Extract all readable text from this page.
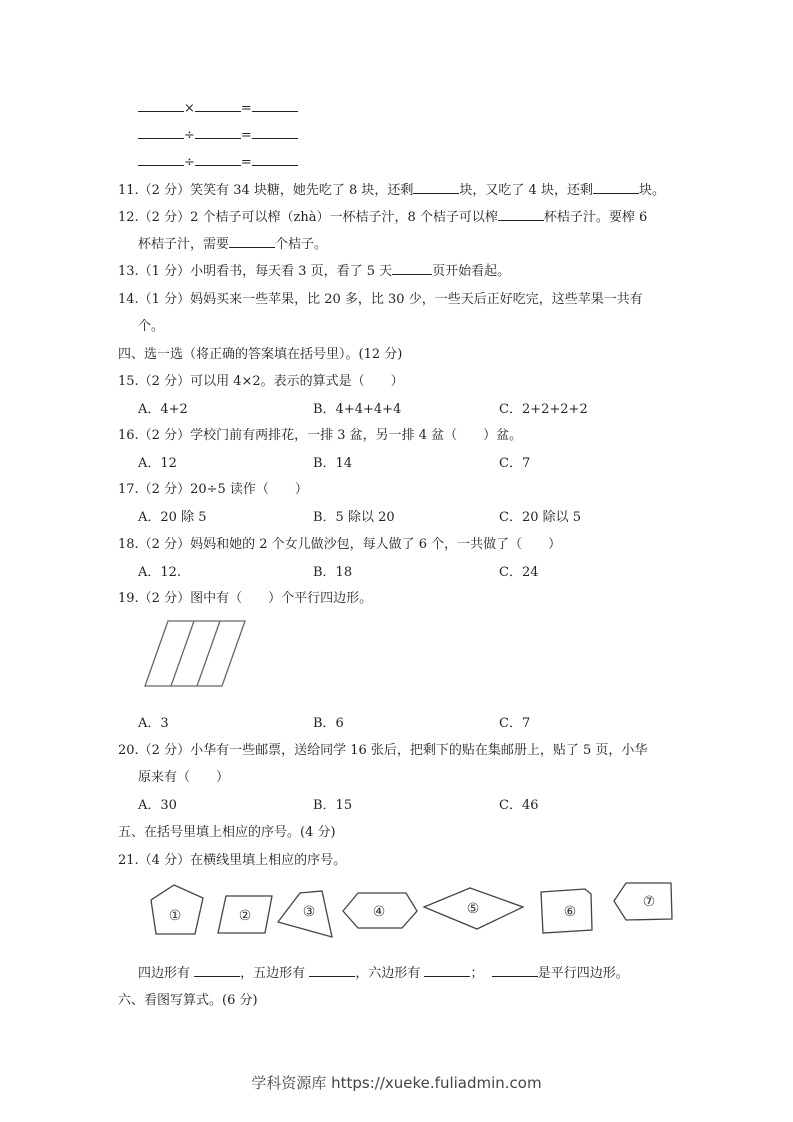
×	=
÷	=
÷	=
11.（2 分）笑笑有 34 块糖，她先吃了 8 块，还剩	块，又吃了 4 块，还剩	块。
12.（2 分）2 个桔子可以榨（zhà）一杯桔子汁，8 个桔子可以榨	杯桔子汁。要榨 6
杯桔子汁，需要	个桔子。
13.（1 分）小明看书，每天看 3 页，看了 5 天	页开始看起。
14.（1 分）妈妈买来一些苹果，比 20 多，比 30 少，一些天后正好吃完，这些苹果一共有
个。
四、选一选（将正确的答案填在括号里）。(12 分)
15.（2 分）可以用 4×2。表示的算式是（　　）
A．4+2	B．4+4+4+4	C．2+2+2+2
16.（2 分）学校门前有两排花，一排 3 盆，另一排 4 盆（　　）盆。
A．12	B．14	C．7
17.（2 分）20÷5 读作（　　）
A．20 除 5	B．5 除以 20	C．20 除以 5
18.（2 分）妈妈和她的 2 个女儿做沙包，每人做了 6 个，一共做了（　　）
A．12.	B．18	C．24
19.（2 分）图中有（　　）个平行四边形。
A．3	B．6	C．7
20.（2 分）小华有一些邮票，送给同学 16 张后，把剩下的贴在集邮册上，贴了 5 页，小华
原来有（　　）
A．30	B．15	C．46
五、在括号里填上相应的序号。(4 分)
21.（4 分）在横线里填上相应的序号。
①	②	③	④	⑤	⑥
⑦
四边形有	，五边形有	，六边形有	；	是平行四边形。
六、看图写算式。(6 分)
学科资源库 https://xueke.fuliadmin.com
